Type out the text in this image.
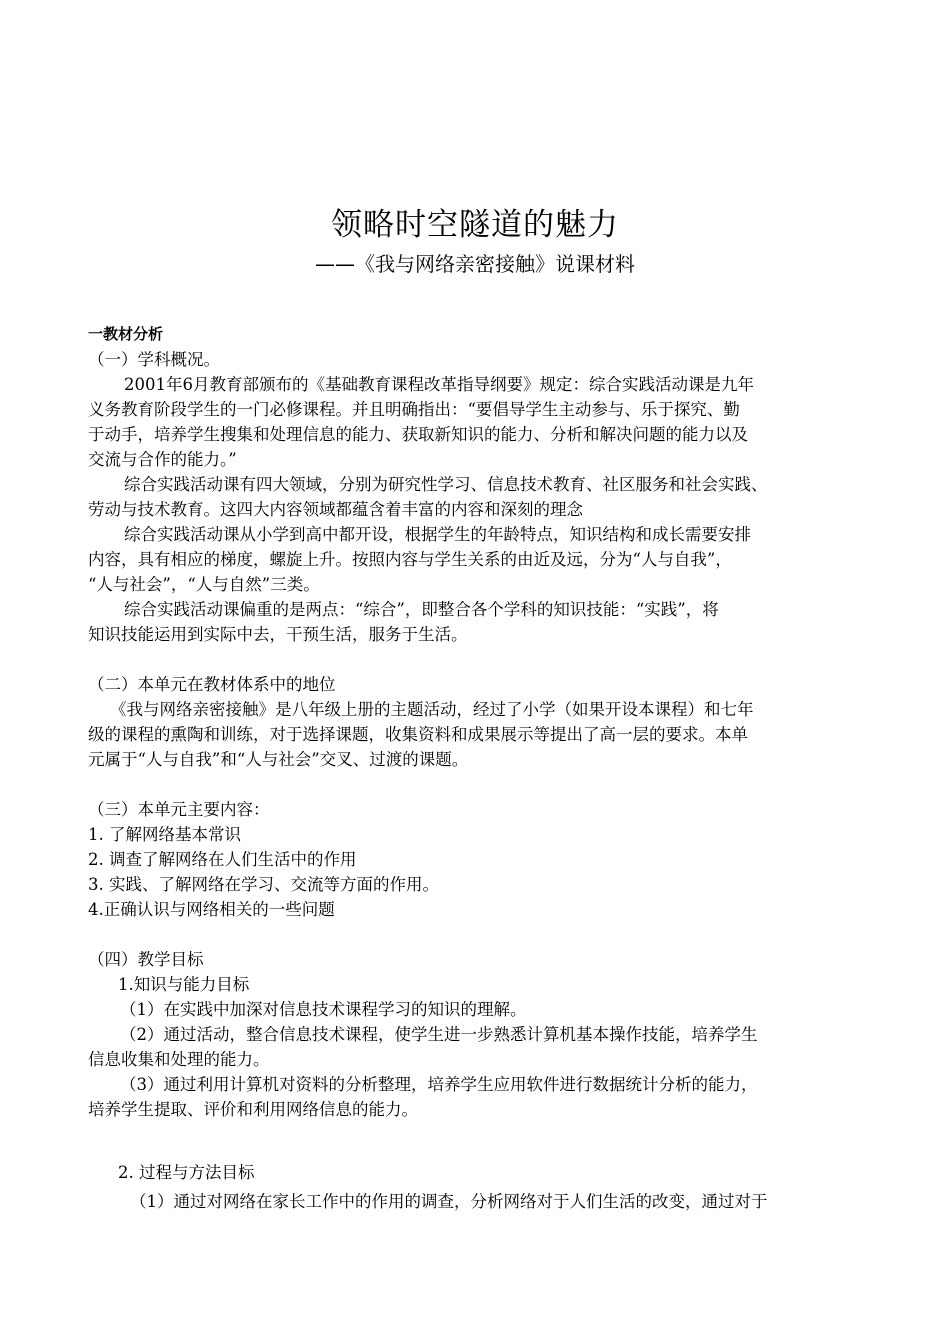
领略时空隧道的魅力
——《我与网络亲密接触》说课材料
一教材分析
（一）学科概况。
2001年6月教育部颁布的《基础教育课程改革指导纲要》规定：综合实践活动课是九年
义务教育阶段学生的一门必修课程。并且明确指出：“要倡导学生主动参与、乐于探究、勤
于动手，培养学生搜集和处理信息的能力、获取新知识的能力、分析和解决问题的能力以及
交流与合作的能力。”
综合实践活动课有四大领域，分别为研究性学习、信息技术教育、社区服务和社会实践、
劳动与技术教育。这四大内容领域都蕴含着丰富的内容和深刻的理念
综合实践活动课从小学到高中都开设，根据学生的年龄特点，知识结构和成长需要安排
内容，具有相应的梯度，螺旋上升。按照内容与学生关系的由近及远，分为“人与自我”，
“人与社会”，“人与自然”三类。
综合实践活动课偏重的是两点：“综合”，即整合各个学科的知识技能：“实践”，将
知识技能运用到实际中去，干预生活，服务于生活。
（二）本单元在教材体系中的地位
《我与网络亲密接触》是八年级上册的主题活动，经过了小学（如果开设本课程）和七年
级的课程的熏陶和训练，对于选择课题，收集资料和成果展示等提出了高一层的要求。本单
元属于“人与自我”和“人与社会”交叉、过渡的课题。
（三）本单元主要内容：
1. 了解网络基本常识
2. 调查了解网络在人们生活中的作用
3. 实践、了解网络在学习、交流等方面的作用。
4.正确认识与网络相关的一些问题
（四）教学目标
1.知识与能力目标
（1）在实践中加深对信息技术课程学习的知识的理解。
（2）通过活动，整合信息技术课程，使学生进一步熟悉计算机基本操作技能，培养学生
信息收集和处理的能力。
（3）通过利用计算机对资料的分析整理，培养学生应用软件进行数据统计分析的能力，
培养学生提取、评价和利用网络信息的能力。
2. 过程与方法目标
（1）通过对网络在家长工作中的作用的调查，分析网络对于人们生活的改变，通过对于
